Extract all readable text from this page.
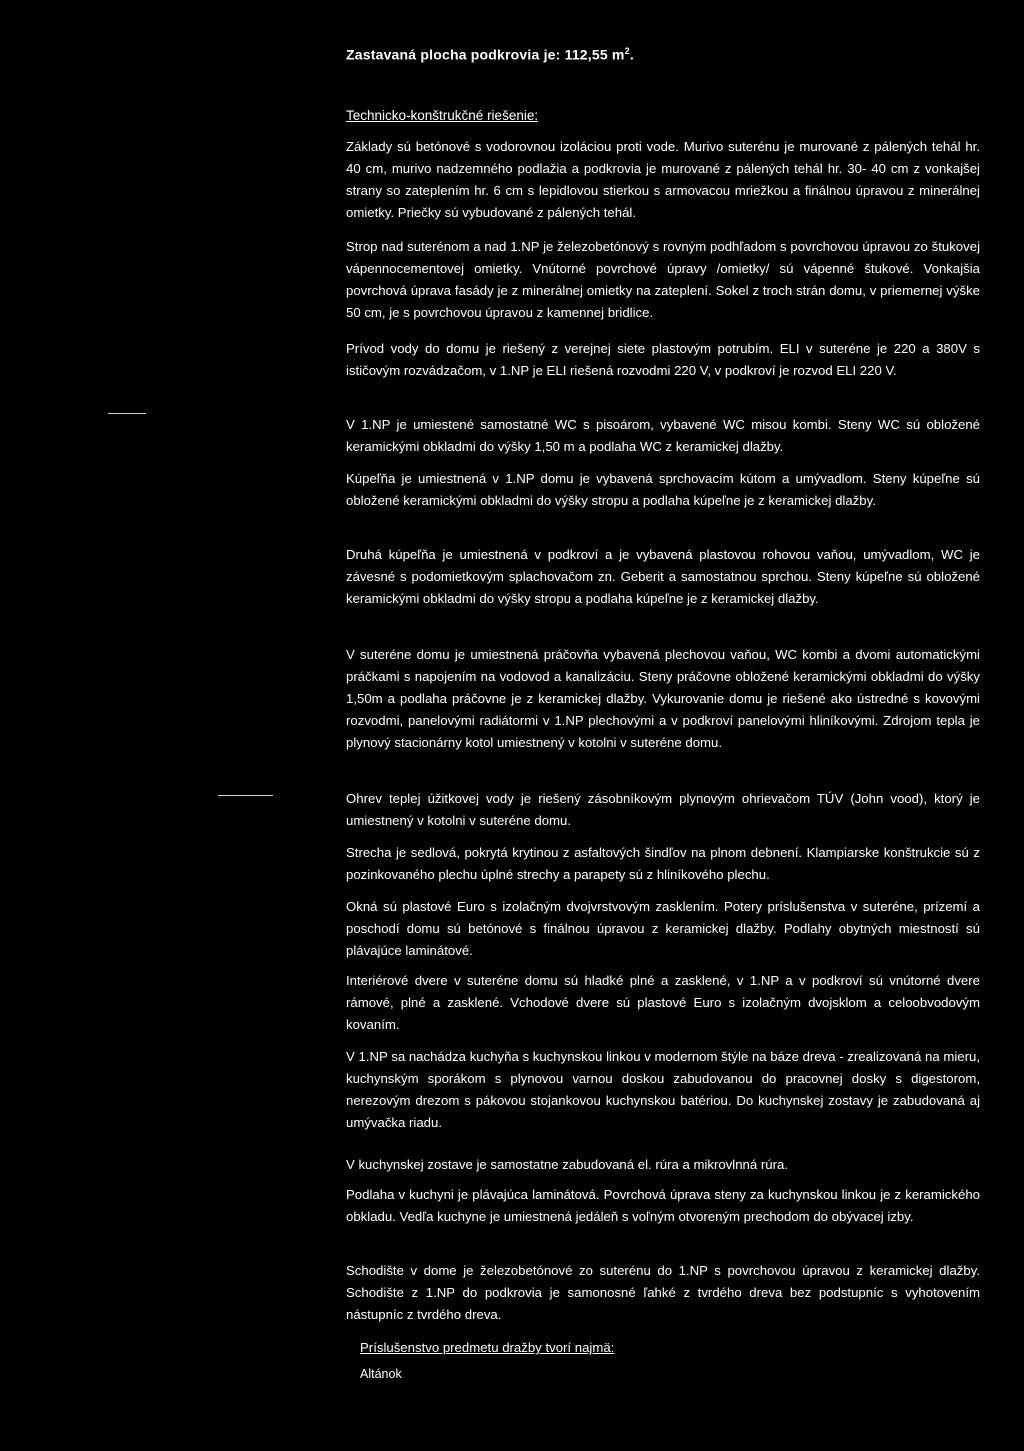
Zastavaná plocha podkrovia je: 112,55 $m^2$.
Technicko-konštrukčné riešenie:

Základy sú betónové s vodorovnou izoláciou proti vode. Murivo suterénu je murované z pálených tehál hr. 40 cm, murivo nadzemného podlažia a podkrovia je murované z pálených tehál hr. 30- 40 cm z vonkajšej strany so zateplením hr. 6 cm s lepidlovou stierkou s armovacou mriežkou a finálnou úpravou z minerálnej omietky. Priečky sú vybudované z pálených tehál.

Strop nad suterénom a nad 1.NP je železobetónový s rovným podhľadom s povrchovou úpravou zo štukovej vápennocementovej omietky. Vnútorné povrchové úpravy /omietky/ sú vápenné štukové. Vonkajšia povrchová úprava fasády je z minerálnej omietky na zateplení. Sokel z troch strán domu, v priemernej výške 50 cm, je s povrchovou úpravou z kamennej bridlice.

Prívod vody do domu je riešený z verejnej siete plastovým potrubím. ELI v suteréne je 220 a 380V s ističovým rozvádzačom, v 1.NP je ELI riešená rozvodmi 220 V, v podkroví je rozvod ELI 220 V.

V 1.NP je umiestené samostatné WC s pisoárom, vybavené WC misou kombi. Steny WC sú obložené keramickými obkladmi do výšky 1,50 m a podlaha WC z keramickej dlažby.

Kúpeľňa je umiestnená v 1.NP domu je vybavená sprchovacím kútom a umývadlom. Steny kúpeľne sú obložené keramickými obkladmi do výšky stropu a podlaha kúpeľne je z keramickej dlažby.

Druhá kúpeľňa je umiestnená v podkroví a je vybavená plastovou rohovou vaňou, umývadlom, WC je závesné s podomietkovým splachovačom zn. Geberit a samostatnou sprchou. Steny kúpeľne sú obložené keramickými obkladmi do výšky stropu a podlaha kúpeľne je z keramickej dlažby.

V suteréne domu je umiestnená práčovňa vybavená plechovou vaňou, WC kombi a dvomi automatickými práčkami s napojením na vodovod a kanalizáciu. Steny práčovne obložené keramickými obkladmi do výšky 1,50m a podlaha práčovne je z keramickej dlažby. Vykurovanie domu je riešené ako ústredné s kovovými rozvodmi, panelovými radiátormi v 1.NP plechovými a v podkroví panelovými hliníkovými. Zdrojom tepla je plynový stacionárny kotol umiestnený v kotolni v suteréne domu.

Ohrev teplej úžitkovej vody je riešený zásobníkovým plynovým ohrievačom TÚV (John vood), ktorý je umiestnený v kotolni v suteréne domu.

Strecha je sedlová, pokrytá krytinou z asfaltových šindľov na plnom debnení. Klampiarske konštrukcie sú z pozinkovaného plechu úplné strechy a parapety sú z hliníkového plechu.

Okná sú plastové Euro s izolačným dvojvrstvovým zasklením. Potery príslušenstva v suteréne, prízemí a poschodí domu sú betónové s finálnou úpravou z keramickej dlažby. Podlahy obytných miestností sú plávajúce laminátové.

Interiérové dvere v suteréne domu sú hladké plné a zasklené, v 1.NP a v podkroví sú vnútorné dvere rámové, plné a zasklené. Vchodové dvere sú plastové Euro s izolačným dvojsklom a celoobvodovým kovaním.

V 1.NP sa nachádza kuchyňa s kuchynskou linkou v modernom štýle na báze dreva - zrealizovaná na mieru, kuchynským sporákom s plynovou varnou doskou zabudovanou do pracovnej dosky s digestorom, nerezovým drezom s pákovou stojankovou kuchynskou batériou. Do kuchynskej zostavy je zabudovaná aj umývačka riadu.

V kuchynskej zostave je samostatne zabudovaná el. rúra a mikrovlnná rúra.

Podlaha v kuchyni je plávajúca laminátová. Povrchová úprava steny za kuchynskou linkou je z keramického obkladu. Vedľa kuchyne je umiestnená jedáleň s voľným otvoreným prechodom do obývacej izby.

Schodište v dome je železobetónové zo suterénu do 1.NP s povrchovou úpravou z keramickej dlažby. Schodište z 1.NP do podkrovia je samonosné ľahké z tvrdého dreva bez podstupníc s vyhotovením nástupníc z tvrdého dreva.

Príslušenstvo predmetu dražby tvorí najmä:
Altánok
